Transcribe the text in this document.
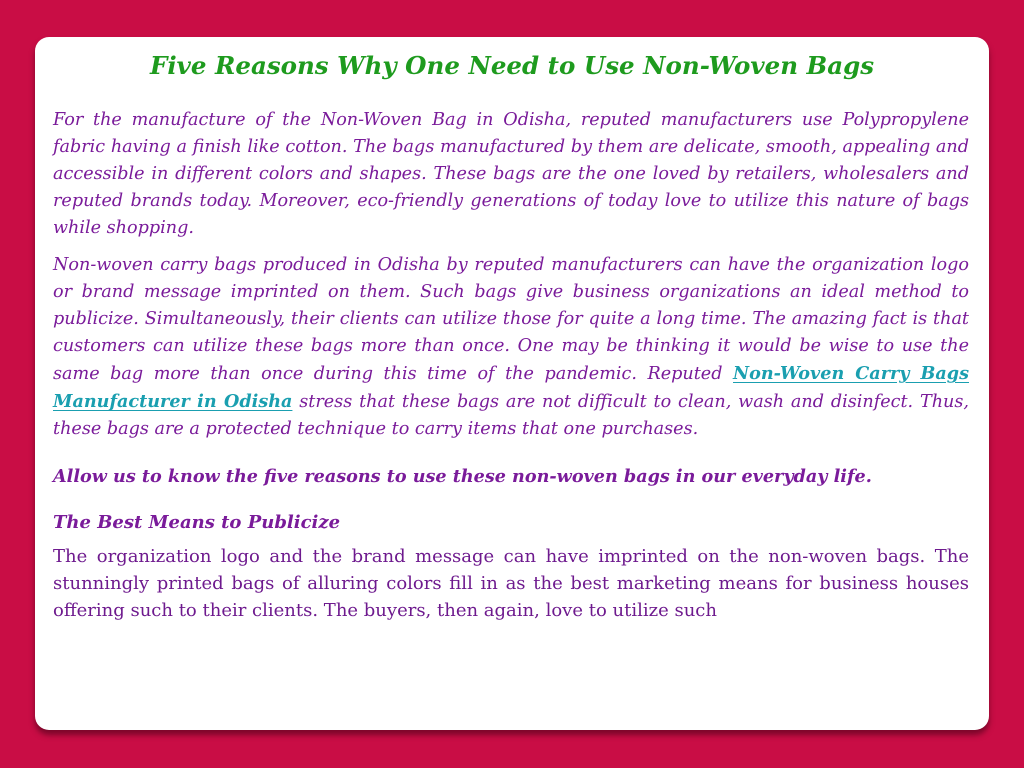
Five Reasons Why One Need to Use Non-Woven Bags

For the manufacture of the Non-Woven Bag in Odisha, reputed manufacturers use Polypropylene fabric having a finish like cotton. The bags manufactured by them are delicate, smooth, appealing and accessible in different colors and shapes. These bags are the one loved by retailers, wholesalers and reputed brands today. Moreover, eco-friendly generations of today love to utilize this nature of bags while shopping.

Non-woven carry bags produced in Odisha by reputed manufacturers can have the organization logo or brand message imprinted on them. Such bags give business organizations an ideal method to publicize. Simultaneously, their clients can utilize those for quite a long time. The amazing fact is that customers can utilize these bags more than once. One may be thinking it would be wise to use the same bag more than once during this time of the pandemic. Reputed Non-Woven Carry Bags Manufacturer in Odisha stress that these bags are not difficult to clean, wash and disinfect. Thus, these bags are a protected technique to carry items that one purchases.

Allow us to know the five reasons to use these non-woven bags in our everyday life.

The Best Means to Publicize

The organization logo and the brand message can have imprinted on the non-woven bags. The stunningly printed bags of alluring colors fill in as the best marketing means for business houses offering such to their clients. The buyers, then again, love to utilize such
